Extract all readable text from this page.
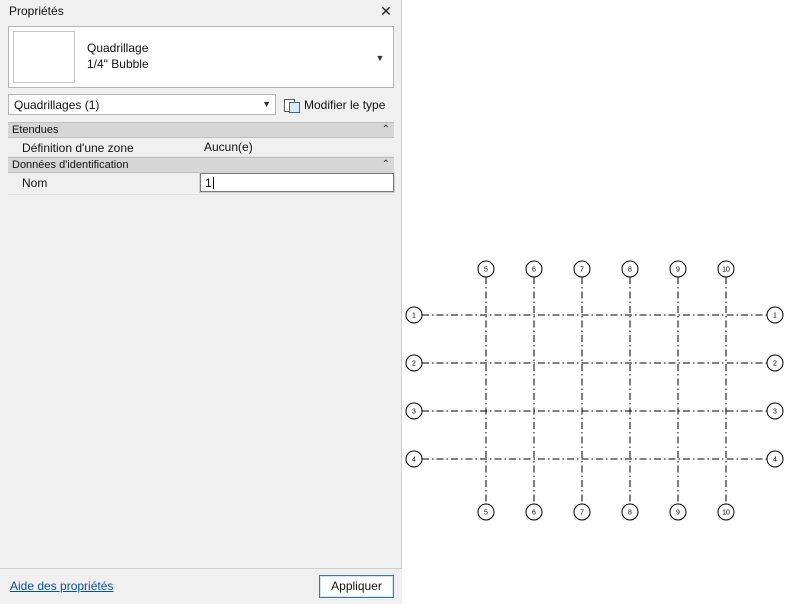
Propriétés	✕
Quadrillage
1/4" Bubble	▼
Quadrillages (1)	▼	Modifier le type
Etendues	⌃
Définition d'une zone	Aucun(e)
Données d'identification	⌃
Nom	1
Aide des propriétés	Appliquer
5
5
6
6
7
7
8
8
9
9
10
10
1	1
2	2
3	3
4	4
